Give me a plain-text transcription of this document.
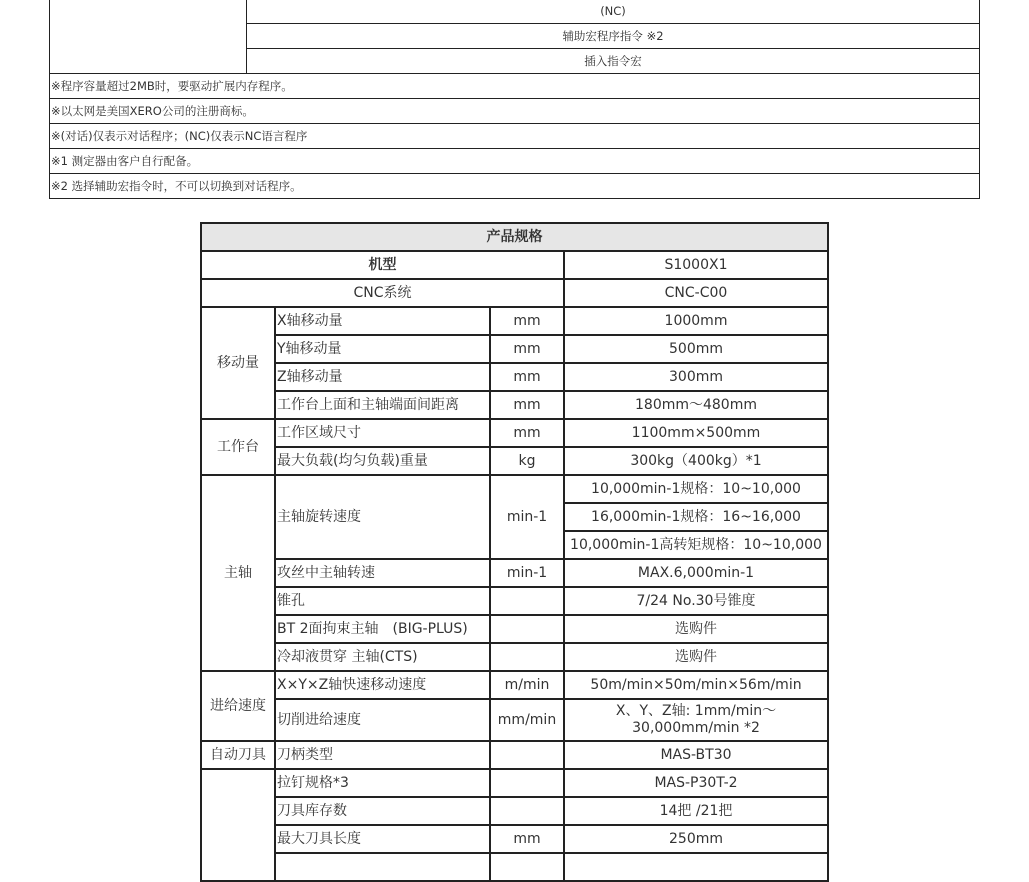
	(NC)
辅助宏程序指令 ※2
插入指令宏
※程序容量超过2MB时，要驱动扩展内存程序。
※以太网是美国XERO公司的注册商标。
※(对话)仅表示对话程序；(NC)仅表示NC语言程序
※1 测定器由客户自行配备。
※2 选择辅助宏指令时，不可以切换到对话程序。
产品规格			
机型			S1000X1
CNC系统			CNC-C00
移动量	X轴移动量	mm	1000mm
	Y轴移动量	mm	500mm
	Z轴移动量	mm	300mm
	工作台上面和主轴端面间距离	mm	180mm～480mm
工作台	工作区域尺寸	mm	1100mm×500mm
	最大负载(均匀负载)重量	kg	300kg（400kg）*1
主轴	主轴旋转速度	min-1	10,000min-1规格：10~10,000
			16,000min-1规格：16~16,000
			10,000min-1高转矩规格：10~10,000
	攻丝中主轴转速	min-1	MAX.6,000min-1
	锥孔		7/24 No.30号锥度
	BT 2面拘束主轴　(BIG-PLUS)		选购件
	冷却液贯穿 主轴(CTS)		选购件
进给速度	X×Y×Z轴快速移动速度	m/min	50m/min×50m/min×56m/min
	切削进给速度	mm/min	X、Y、Z轴: 1mm/min～30,000mm/min *2
自动刀具	刀柄类型		MAS-BT30
	拉钉规格*3		MAS-P30T-2
	刀具库存数		14把 /21把
	最大刀具长度	mm	250mm
